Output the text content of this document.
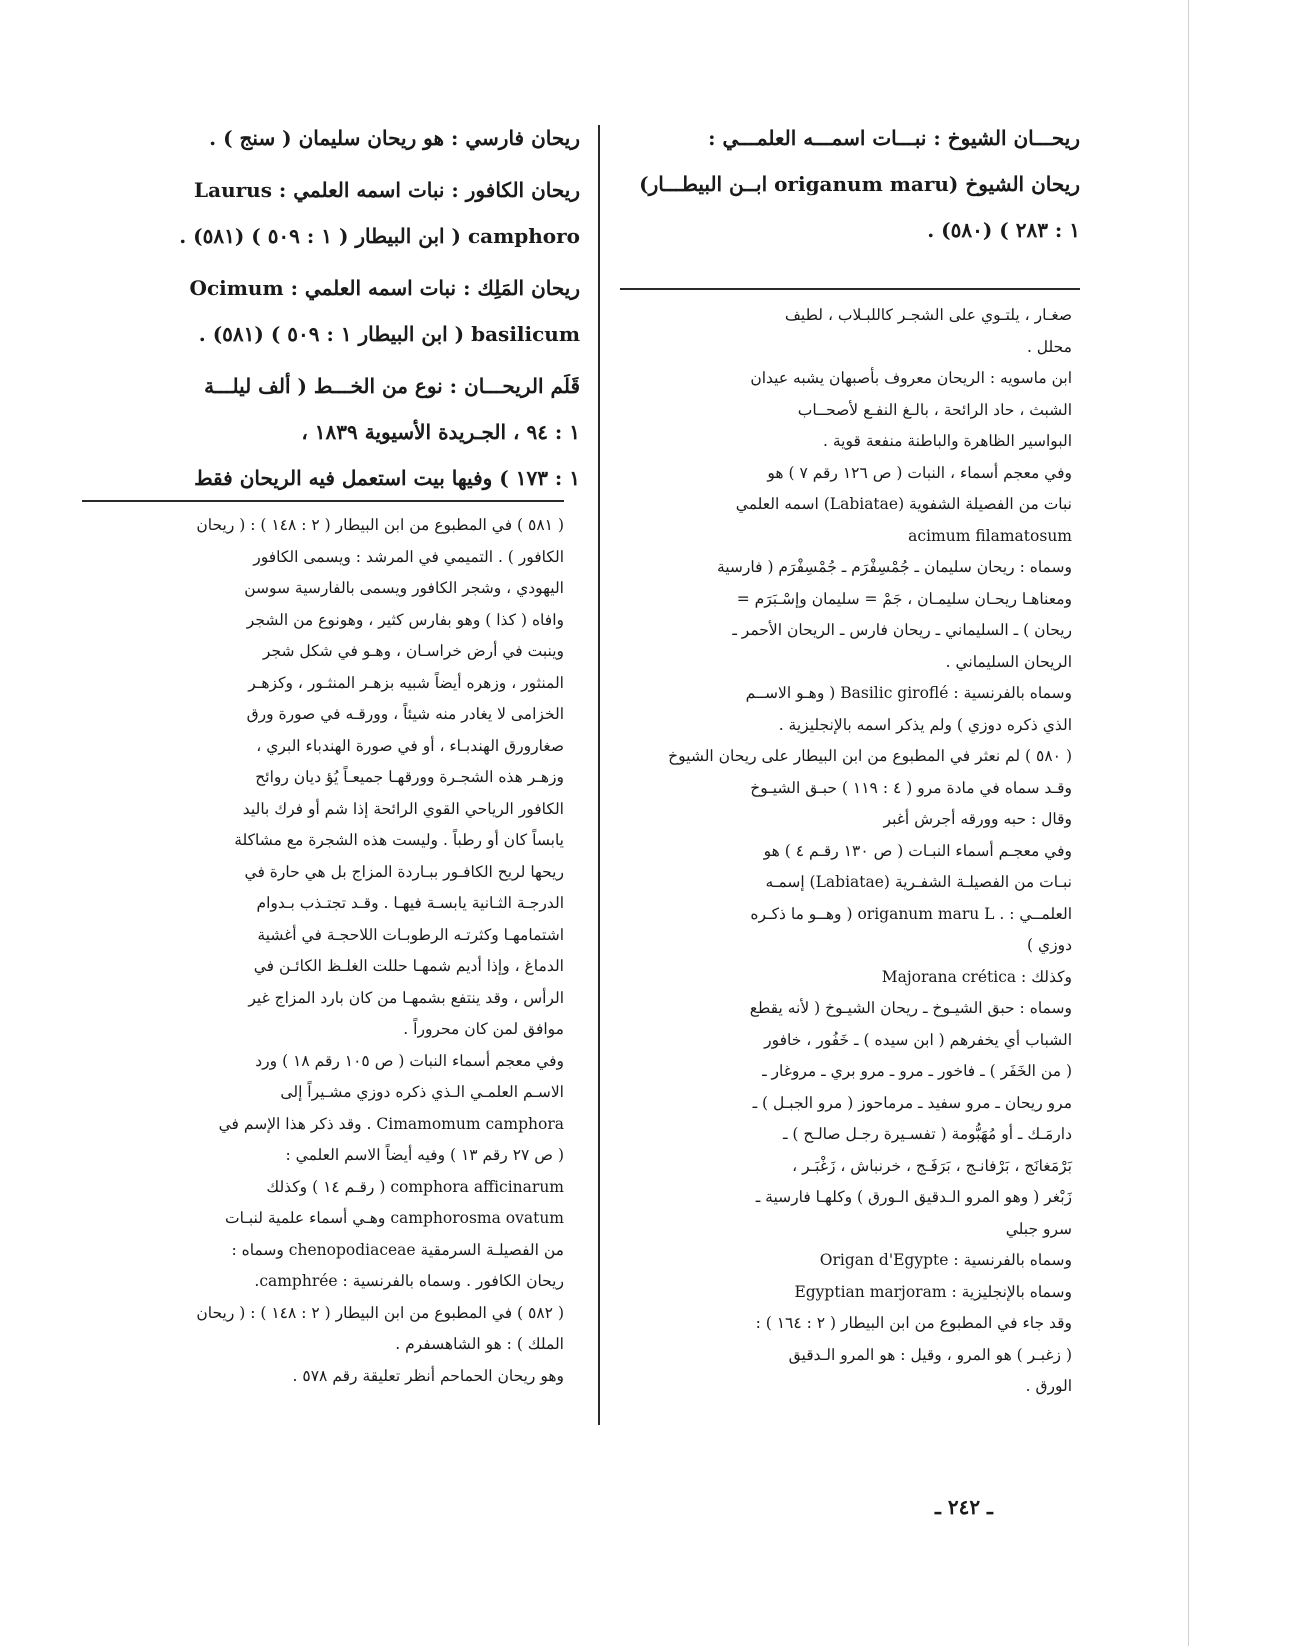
ريحـــان الشيوخ : نبـــات اسمـــه العلمـــي :
ريحان الشيوخ (origanum maru ابــن البيطـــار)
١ : ٢٨٣ ) (٥٨٠) .
ريحان فارسي : هو ريحان سليمان ( سنج ) .
ريحان الكافور : نبات اسمه العلمي : Laurus
camphoro ( ابن البيطار ( ١ : ٥٠٩ ) (٥٨١) .
ريحان المَلِك : نبات اسمه العلمي : Ocimum
basilicum ( ابن البيطار ١ : ٥٠٩ ) (٥٨١) .
قَلَم الريحـــان : نوع من الخـــط ( ألف ليلـــة
١ : ٩٤ ، الجـريدة الأسيوية ١٨٣٩ ،
١ : ١٧٣ ) وفيها بيت استعمل فيه الريحان فقط
صغـار ، يلتـوي على الشجـر كاللبـلاب ، لطيف
محلل .
ابن ماسويه : الريحان معروف بأصبهان يشبه عيدان
الشبث ، حاد الرائحة ، بالـغ النفـع لأصحــاب
البواسير الظاهرة والباطنة منفعة قوية .
وفي معجم أسماء ، النبات ( ص ١٢٦ رقم ٧ ) هو
نبات من الفصيلة الشفوية (Labiatae) اسمه العلمي
acimum filamatosum
وسماه : ريحان سليمان ـ جُمْسِفْرَم ـ جُمْسِفْرَم ( فارسية
ومعناهـا ريحـان سليمـان ، جَمْ = سليمان وإسْـبَرَم =
ريحان ) ـ السليماني ـ ريحان فارس ـ الريحان الأحمر ـ
الريحان السليماني .
وسماه بالفرنسية : Basilic giroflé ( وهـو الاســم
الذي ذكره دوزي ) ولم يذكر اسمه بالإنجليزية .
( ٥٨٠ ) لم نعثر في المطبوع من ابن البيطار على ريحان الشيوخ
وقـد سماه في مادة مرو ( ٤ : ١١٩ ) حبـق الشيـوخ
وقال : حبه وورقه أجرش أغبر
وفي معجـم أسماء النبـات ( ص ١٣٠ رقـم ٤ ) هو
نبـات من الفصيلـة الشفـرية (Labiatae) إسمـه
العلمــي : . origanum maru L ( وهــو ما ذكـره
دوزي )
وكذلك : Majorana crética
وسماه : حبق الشيـوخ ـ ريحان الشيـوخ ( لأنه يقطع
الشباب أي يخفرهم ( ابن سيده ) ـ خَفُور ، خافور
( من الخَفَر ) ـ فاخور ـ مرو ـ مرو بري ـ مروغار ـ
مرو ريحان ـ مرو سفيد ـ مرماحوز ( مرو الجبـل ) ـ
دارمَـك ـ أو مُهَبُّومة ( تفسـيرة رجـل صالـح ) ـ
بَرْمَغانَج ، بَرْفانـج ، بَرَفَـج ، خرنباش ، زَغْبَـر ،
زَبْغر ( وهو المرو الـدقيق الـورق ) وكلهـا فارسية ـ
سرو جبلي
وسماه بالفرنسية : Origan d'Egypte
وسماه بالإنجليزية : Egyptian marjoram
وقد جاء في المطبوع من ابن البيطار ( ٢ : ١٦٤ ) :
( زغبـر ) هو المرو ، وقيل : هو المرو الـدقيق
الورق .
( ٥٨١ ) في المطبوع من ابن البيطار ( ٢ : ١٤٨ ) : ( ريحان
الكافور ) . التميمي في المرشد : ويسمى الكافور
اليهودي ، وشجر الكافور ويسمى بالفارسية سوسن
وافاه ( كذا ) وهو بفارس كثير ، وهونوع من الشجر
وينبت في أرض خراسـان ، وهـو في شكل شجر
المنثور ، وزهره أيضاً شبيه بزهـر المنثـور ، وكزهـر
الخزامى لا يغادر منه شيئاً ، وورقـه في صورة ورق
صغارورق الهندبـاء ، أو في صورة الهندباء البري ،
وزهـر هذه الشجـرة وورقهـا جميعـاً يُؤ ديان روائح
الكافور الرياحي القوي الرائحة إذا شم أو فرك باليد
يابساً كان أو رطباً . وليست هذه الشجرة مع مشاكلة
ريحها لريح الكافـور ببـاردة المزاج بل هي حارة في
الدرجـة الثـانية يابسـة فيهـا . وقـد تجتـذب بـدوام
اشتمامهـا وكثرتـه الرطوبـات اللاحجـة في أغشية
الدماغ ، وإذا أديم شمهـا حللت الغلـظ الكائـن في
الرأس ، وقد ينتفع بشمهـا من كان بارد المزاج غير
موافق لمن كان محروراً .
وفي معجم أسماء النبات ( ص ١٠٥ رقم ١٨ ) ورد
الاسـم العلمـي الـذي ذكره دوزي مشـيراً إلى
Cimamomum camphora . وقد ذكر هذا الإسم في
( ص ٢٧ رقم ١٣ ) وفيه أيضاً الاسم العلمي :
comphora afficinarum ( رقـم ١٤ ) وكذلك
camphorosma ovatum وهـي أسماء علمية لنبـات
من الفصيلـة السرمقية chenopodiaceae وسماه :
ريحان الكافور . وسماه بالفرنسية : camphrée.
( ٥٨٢ ) في المطبوع من ابن البيطار ( ٢ : ١٤٨ ) : ( ريحان
الملك ) : هو الشاهسفرم .
وهو ريحان الحماحم أنظر تعليقة رقم ٥٧٨ .
ـ ٢٤٢ ـ
